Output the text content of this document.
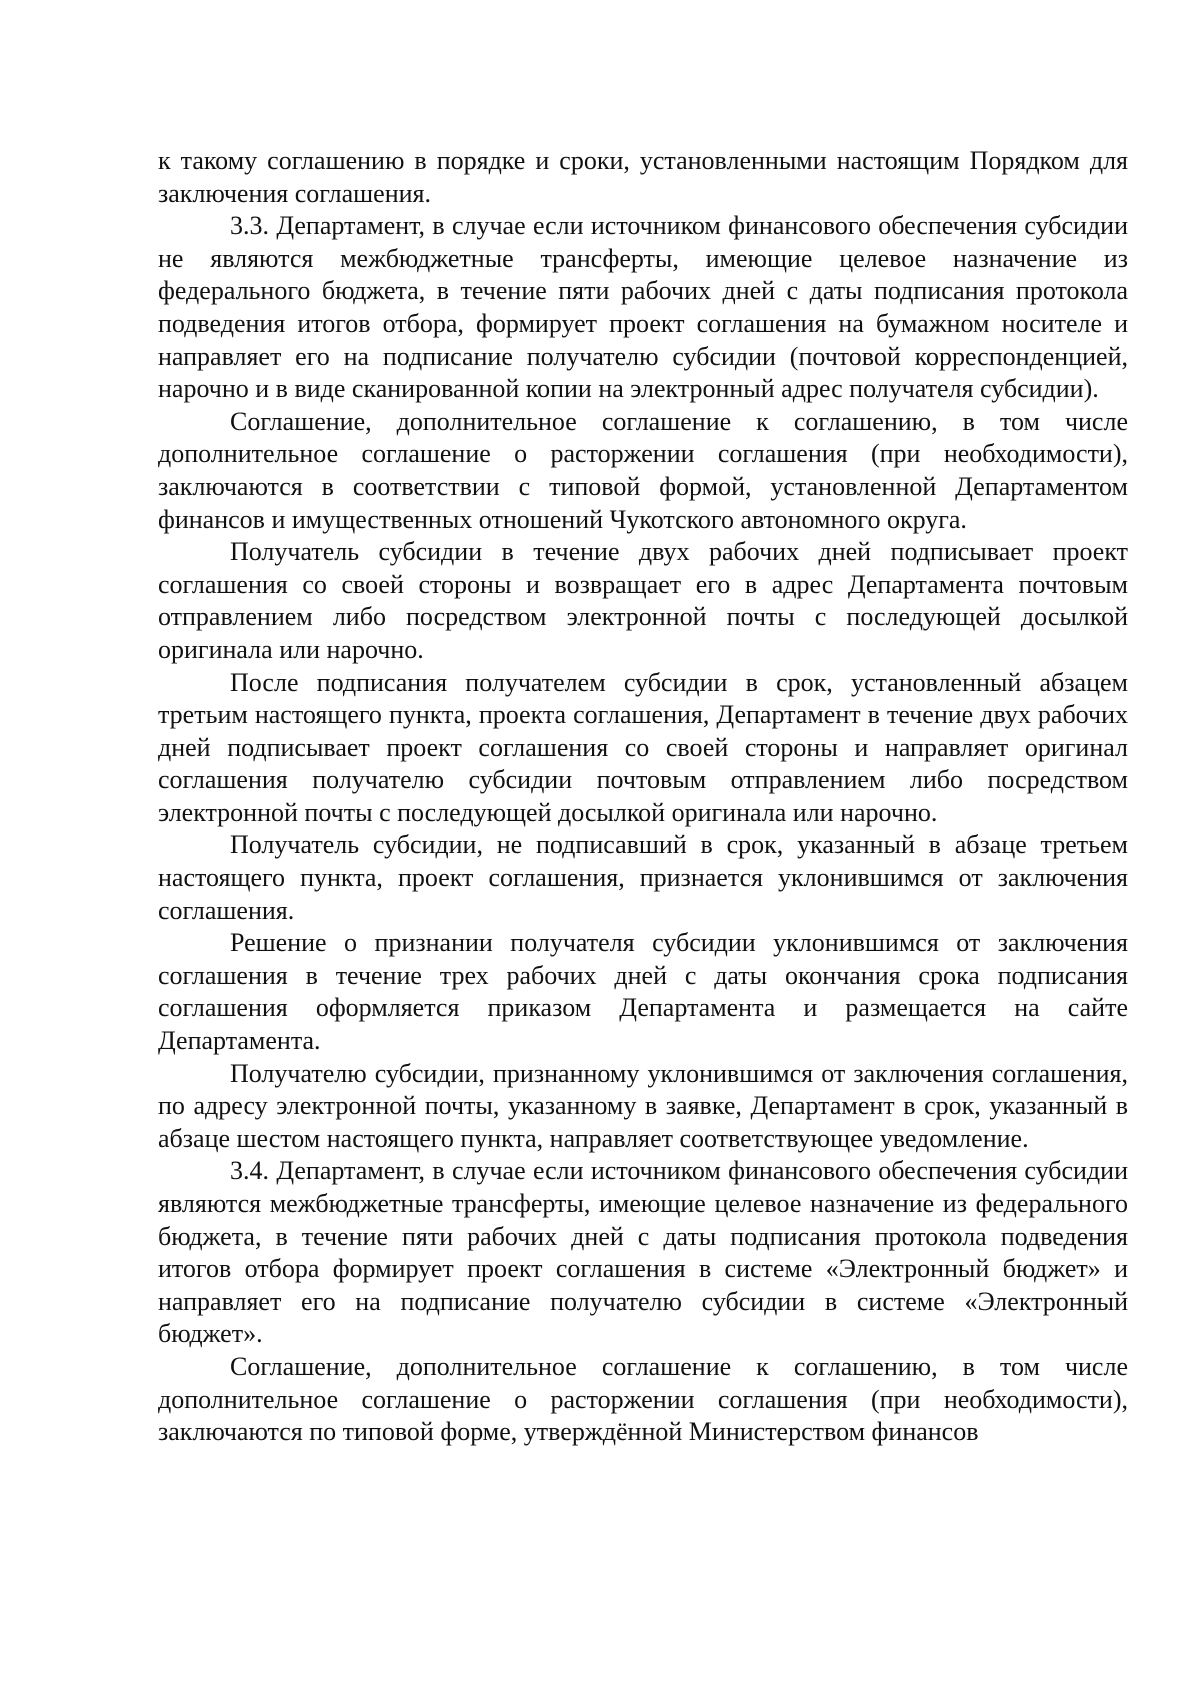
к такому соглашению в порядке и сроки, установленными настоящим Порядком для заключения соглашения.

3.3. Департамент, в случае если источником финансового обеспечения субсидии не являются межбюджетные трансферты, имеющие целевое назначение из федерального бюджета, в течение пяти рабочих дней с даты подписания протокола подведения итогов отбора, формирует проект соглашения на бумажном носителе и направляет его на подписание получателю субсидии (почтовой корреспонденцией, нарочно и в виде сканированной копии на электронный адрес получателя субсидии).

Соглашение, дополнительное соглашение к соглашению, в том числе дополнительное соглашение о расторжении соглашения (при необходимости), заключаются в соответствии с типовой формой, установленной Департаментом финансов и имущественных отношений Чукотского автономного округа.

Получатель субсидии в течение двух рабочих дней подписывает проект соглашения со своей стороны и возвращает его в адрес Департамента почтовым отправлением либо посредством электронной почты с последующей досылкой оригинала или нарочно.

После подписания получателем субсидии в срок, установленный абзацем третьим настоящего пункта, проекта соглашения, Департамент в течение двух рабочих дней подписывает проект соглашения со своей стороны и направляет оригинал соглашения получателю субсидии почтовым отправлением либо посредством электронной почты с последующей досылкой оригинала или нарочно.

Получатель субсидии, не подписавший в срок, указанный в абзаце третьем настоящего пункта, проект соглашения, признается уклонившимся от заключения соглашения.

Решение о признании получателя субсидии уклонившимся от заключения соглашения в течение трех рабочих дней с даты окончания срока подписания соглашения оформляется приказом Департамента и размещается на сайте Департамента.

Получателю субсидии, признанному уклонившимся от заключения соглашения, по адресу электронной почты, указанному в заявке, Департамент в срок, указанный в абзаце шестом настоящего пункта, направляет соответствующее уведомление.

3.4. Департамент, в случае если источником финансового обеспечения субсидии являются межбюджетные трансферты, имеющие целевое назначение из федерального бюджета, в течение пяти рабочих дней с даты подписания протокола подведения итогов отбора формирует проект соглашения в системе «Электронный бюджет» и направляет его на подписание получателю субсидии в системе «Электронный бюджет».

Соглашение, дополнительное соглашение к соглашению, в том числе дополнительное соглашение о расторжении соглашения (при необходимости), заключаются по типовой форме, утверждённой Министерством финансов
